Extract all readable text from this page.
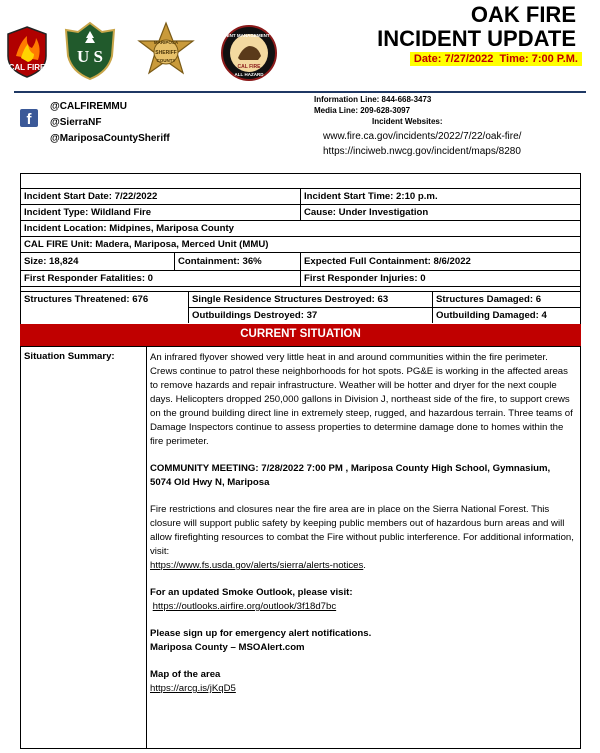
CAL FIRE
U S
MARIPOSA
SHERIFF
COUNTY
INCIDENT MANAGEMENT TEAM
CAL FIRE
ALL HAZARD
OAK FIRE
INCIDENT UPDATE
Date: 7/27/2022 Time: 7:00 P.M.
f
@CALFIREMMU
@SierraNF
@MariposaCountySheriff
Information Line: 844-668-3473
Media Line: 209-628-3097
Incident Websites:
www.fire.ca.gov/incidents/2022/7/22/oak-fire/
https://inciweb.nwcg.gov/incident/maps/8280
Incident Start Date: 7/22/2022	Incident Start Time: 2:10 p.m.
Incident Type: Wildland Fire	Cause: Under Investigation
Incident Location: Midpines, Mariposa County
CAL FIRE Unit: Madera, Mariposa, Merced Unit (MMU)
Size: 18,824	Containment: 36%	Expected Full Containment: 8/6/2022
First Responder Fatalities: 0	First Responder Injuries: 0
Structures Threatened: 676	Single Residence Structures Destroyed: 63	Structures Damaged: 6
Outbuildings Destroyed: 37	Outbuilding Damaged: 4
CURRENT SITUATION
Situation Summary:	An infrared flyover showed very little heat in and around communities within the fire perimeter. Crews continue to patrol these neighborhoods for hot spots. PG&E is working in the affected areas to remove hazards and repair infrastructure. Weather will be hotter and dryer for the next couple days. Helicopters dropped 250,000 gallons in Division J, northeast side of the fire, to support crews on the ground building direct line in extremely steep, rugged, and hazardous terrain. Three teams of Damage Inspectors continue to assess properties to determine damage done to homes within the fire perimeter.

COMMUNITY MEETING: 7/28/2022 7:00 PM , Mariposa County High School, Gymnasium, 5074 Old Hwy N, Mariposa

Fire restrictions and closures near the fire area are in place on the Sierra National Forest. This closure will support public safety by keeping public members out of hazardous burn areas and will allow firefighting resources to combat the Fire without public interference. For additional information, visit:
https://www.fs.usda.gov/alerts/sierra/alerts-notices.

For an updated Smoke Outlook, please visit:
https://outlooks.airfire.org/outlook/3f18d7bc

Please sign up for emergency alert notifications.
Mariposa County – MSOAlert.com

Map of the area
https://arcg.is/jKqD5
